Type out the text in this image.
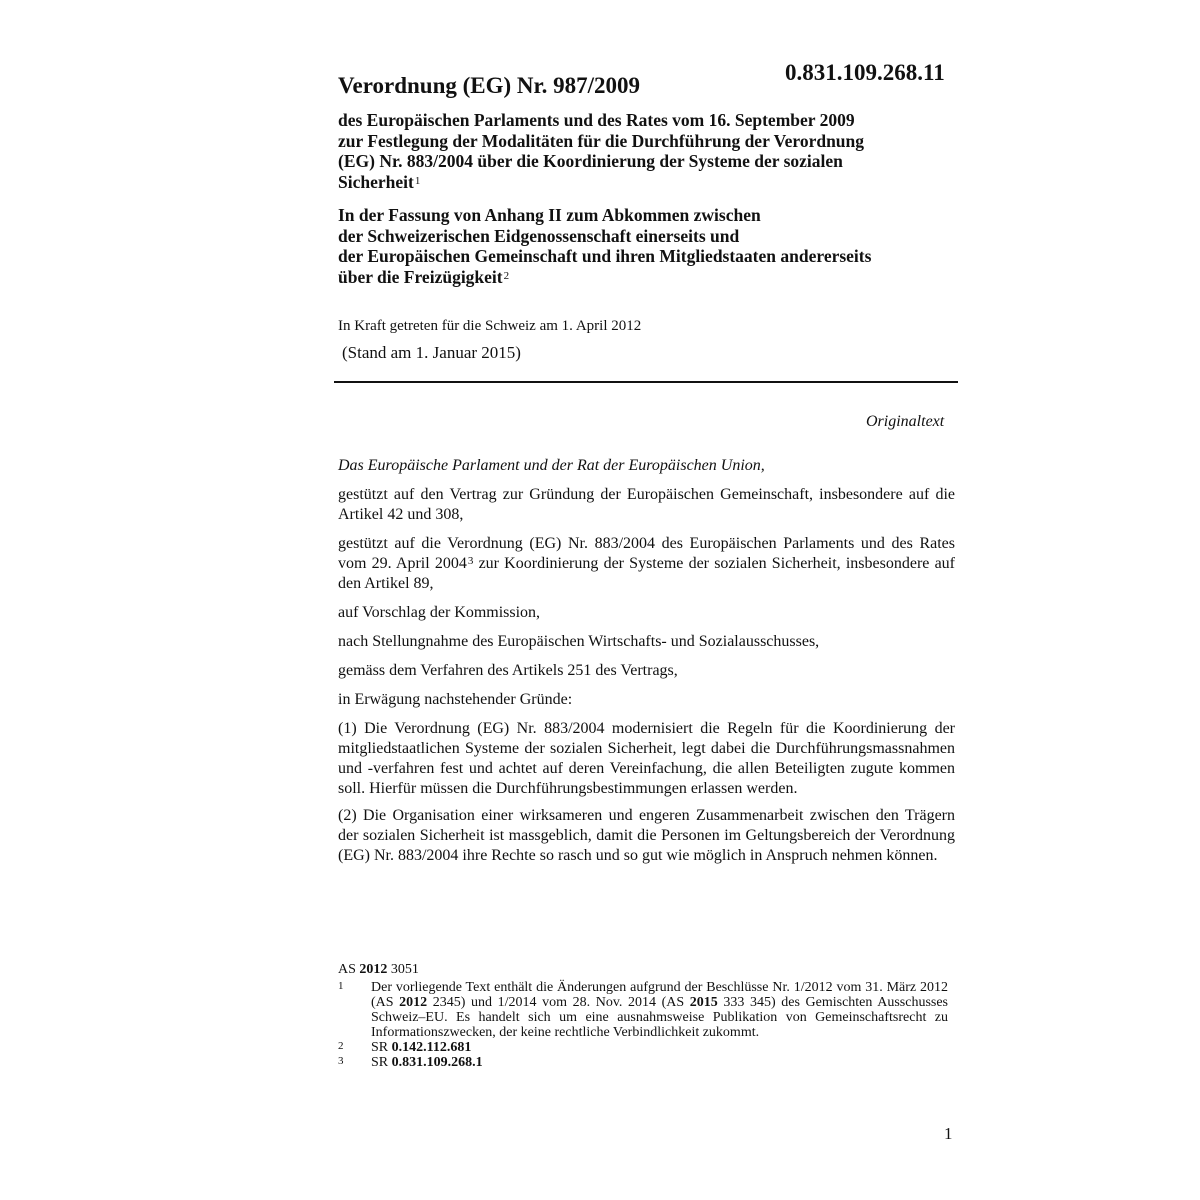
0.831.109.268.11
Verordnung (EG) Nr. 987/2009
des Europäischen Parlaments und des Rates vom 16. September 2009
zur Festlegung der Modalitäten für die Durchführung der Verordnung
(EG) Nr. 883/2004 über die Koordinierung der Systeme der sozialen
Sicherheit$^1$
In der Fassung von Anhang II zum Abkommen zwischen
der Schweizerischen Eidgenossenschaft einerseits und
der Europäischen Gemeinschaft und ihren Mitgliedstaaten andererseits
über die Freizügigkeit$^2$
In Kraft getreten für die Schweiz am 1. April 2012
(Stand am 1. Januar 2015)
Originaltext

Das Europäische Parlament und der Rat der Europäischen Union,

gestützt auf den Vertrag zur Gründung der Europäischen Gemeinschaft, insbesondere auf die Artikel 42 und 308,

gestützt auf die Verordnung (EG) Nr. 883/2004 des Europäischen Parlaments und des Rates vom 29. April 2004$^3$ zur Koordinierung der Systeme der sozialen Sicherheit, insbesondere auf den Artikel 89,

auf Vorschlag der Kommission,

nach Stellungnahme des Europäischen Wirtschafts- und Sozialausschusses,

gemäss dem Verfahren des Artikels 251 des Vertrags,

in Erwägung nachstehender Gründe:

(1) Die Verordnung (EG) Nr. 883/2004 modernisiert die Regeln für die Koordinierung der mitgliedstaatlichen Systeme der sozialen Sicherheit, legt dabei die Durchführungsmassnahmen und -verfahren fest und achtet auf deren Vereinfachung, die allen Beteiligten zugute kommen soll. Hierfür müssen die Durchführungsbestimmungen erlassen werden.

(2) Die Organisation einer wirksameren und engeren Zusammenarbeit zwischen den Trägern der sozialen Sicherheit ist massgeblich, damit die Personen im Geltungsbereich der Verordnung (EG) Nr. 883/2004 ihre Rechte so rasch und so gut wie möglich in Anspruch nehmen können.

AS 2012 3051
1	Der vorliegende Text enthält die Änderungen aufgrund der Beschlüsse Nr. 1/2012 vom 31. März 2012 (AS 2012 2345) und 1/2014 vom 28. Nov. 2014 (AS 2015 333 345) des Gemischten Ausschusses Schweiz–EU. Es handelt sich um eine ausnahmsweise Publikation von Gemeinschaftsrecht zu Informationszwecken, der keine rechtliche Verbindlichkeit zukommt.
2	SR 0.142.112.681
3	SR 0.831.109.268.1
1
